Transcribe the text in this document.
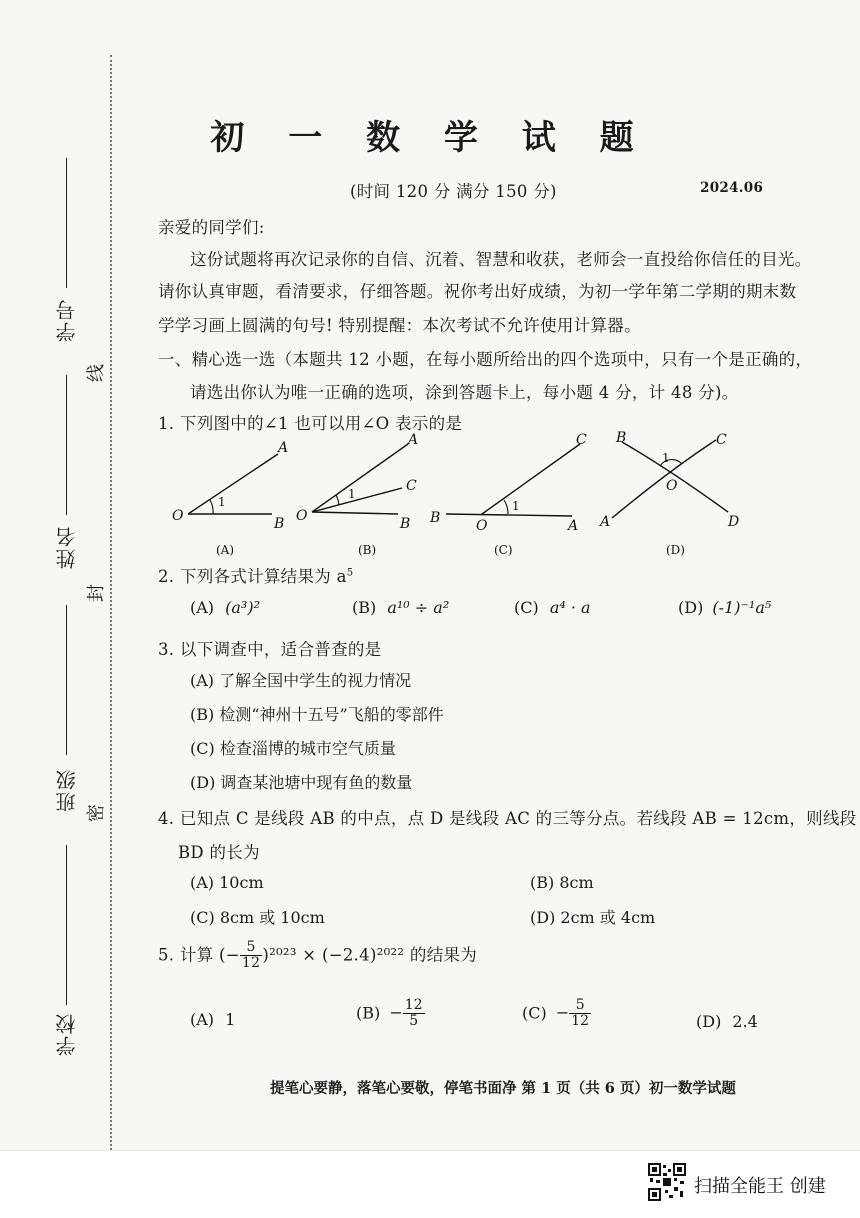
学号
姓名
班级
学校
线
封
密
初 一 数 学 试 题
(时间 120 分 满分 150 分)	2024.06
亲爱的同学们:
这份试题将再次记录你的自信、沉着、智慧和收获，老师会一直投给你信任的目光。
请你认真审题，看清要求，仔细答题。祝你考出好成绩，为初一学年第二学期的期末数
学学习画上圆满的句号! 特别提醒：本次考试不允许使用计算器。
一、精心选一选（本题共 12 小题，在每小题所给出的四个选项中，只有一个是正确的，
请选出你认为唯一正确的选项，涂到答题卡上，每小题 4 分，计 48 分)。
1. 下列图中的∠1 也可以用∠O 表示的是
O
A
B
1
(A)
O
A
C
B
1
(B)
B	O
C
A
1
(C)
B	C
O
A	D
1
(D)
2. 下列各式计算结果为 $a^5$
(A) (a³)²	(B) a¹⁰ ÷ a²	(C) a⁴ · a	(D) (-1)⁻¹a⁵
3. 以下调查中，适合普查的是
(A) 了解全国中学生的视力情况
(B) 检测“神州十五号”飞船的零部件
(C) 检查淄博的城市空气质量
(D) 调查某池塘中现有鱼的数量
4. 已知点 C 是线段 AB 的中点，点 D 是线段 AC 的三等分点。若线段 AB = 12cm，则线段
BD 的长为
(A) 10cm	(B) 8cm
(C) 8cm 或 10cm	(D) 2cm 或 4cm
5. 计算 (− $\frac{5}{12} )^{2023} \times (-2.4)^{2022}$ 的结果为
(A) 1	$(B) - \frac{12}{5}$	$(C) - \frac{5}{12}$	(D) 2.4
提笔心要静，落笔心要敬，停笔书面净 第 1 页（共 6 页）初一数学试题
扫描全能王 创建
